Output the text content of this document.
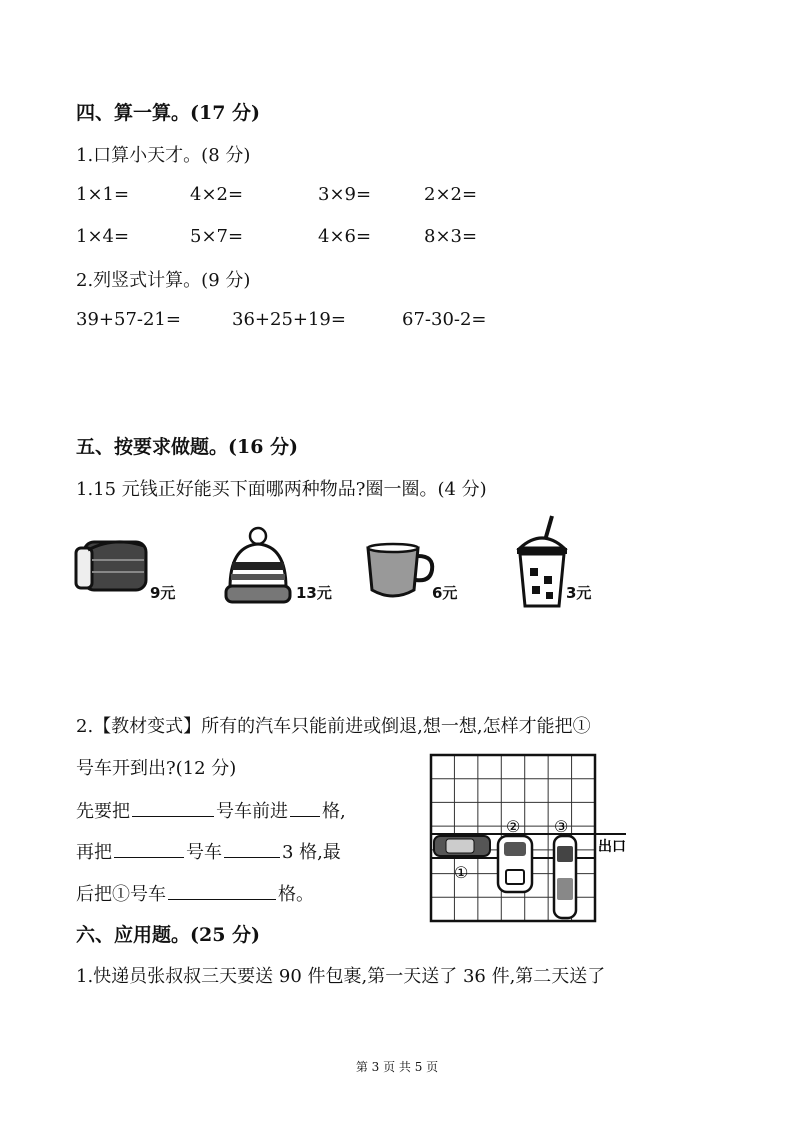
四、算一算。(17 分)
1.口算小天才。(8 分)
1×1=	4×2=	3×9=	2×2=
1×4=	5×7=	4×6=	8×3=
2.列竖式计算。(9 分)
39+57-21=	36+25+19=	67-30-2=
五、按要求做题。(16 分)
1.15 元钱正好能买下面哪两种物品?圈一圈。(4 分)
9元	13元	6元	3元
2.【教材变式】所有的汽车只能前进或倒退,想一想,怎样才能把①
号车开到出?(12 分)
先要把	号车前进 格,
再把	号车	3 格,最
后把①号车	格。
①
② ③
出口
六、应用题。(25 分)
1.快递员张叔叔三天要送 90 件包裹,第一天送了 36 件,第二天送了
第 3 页 共 5 页
